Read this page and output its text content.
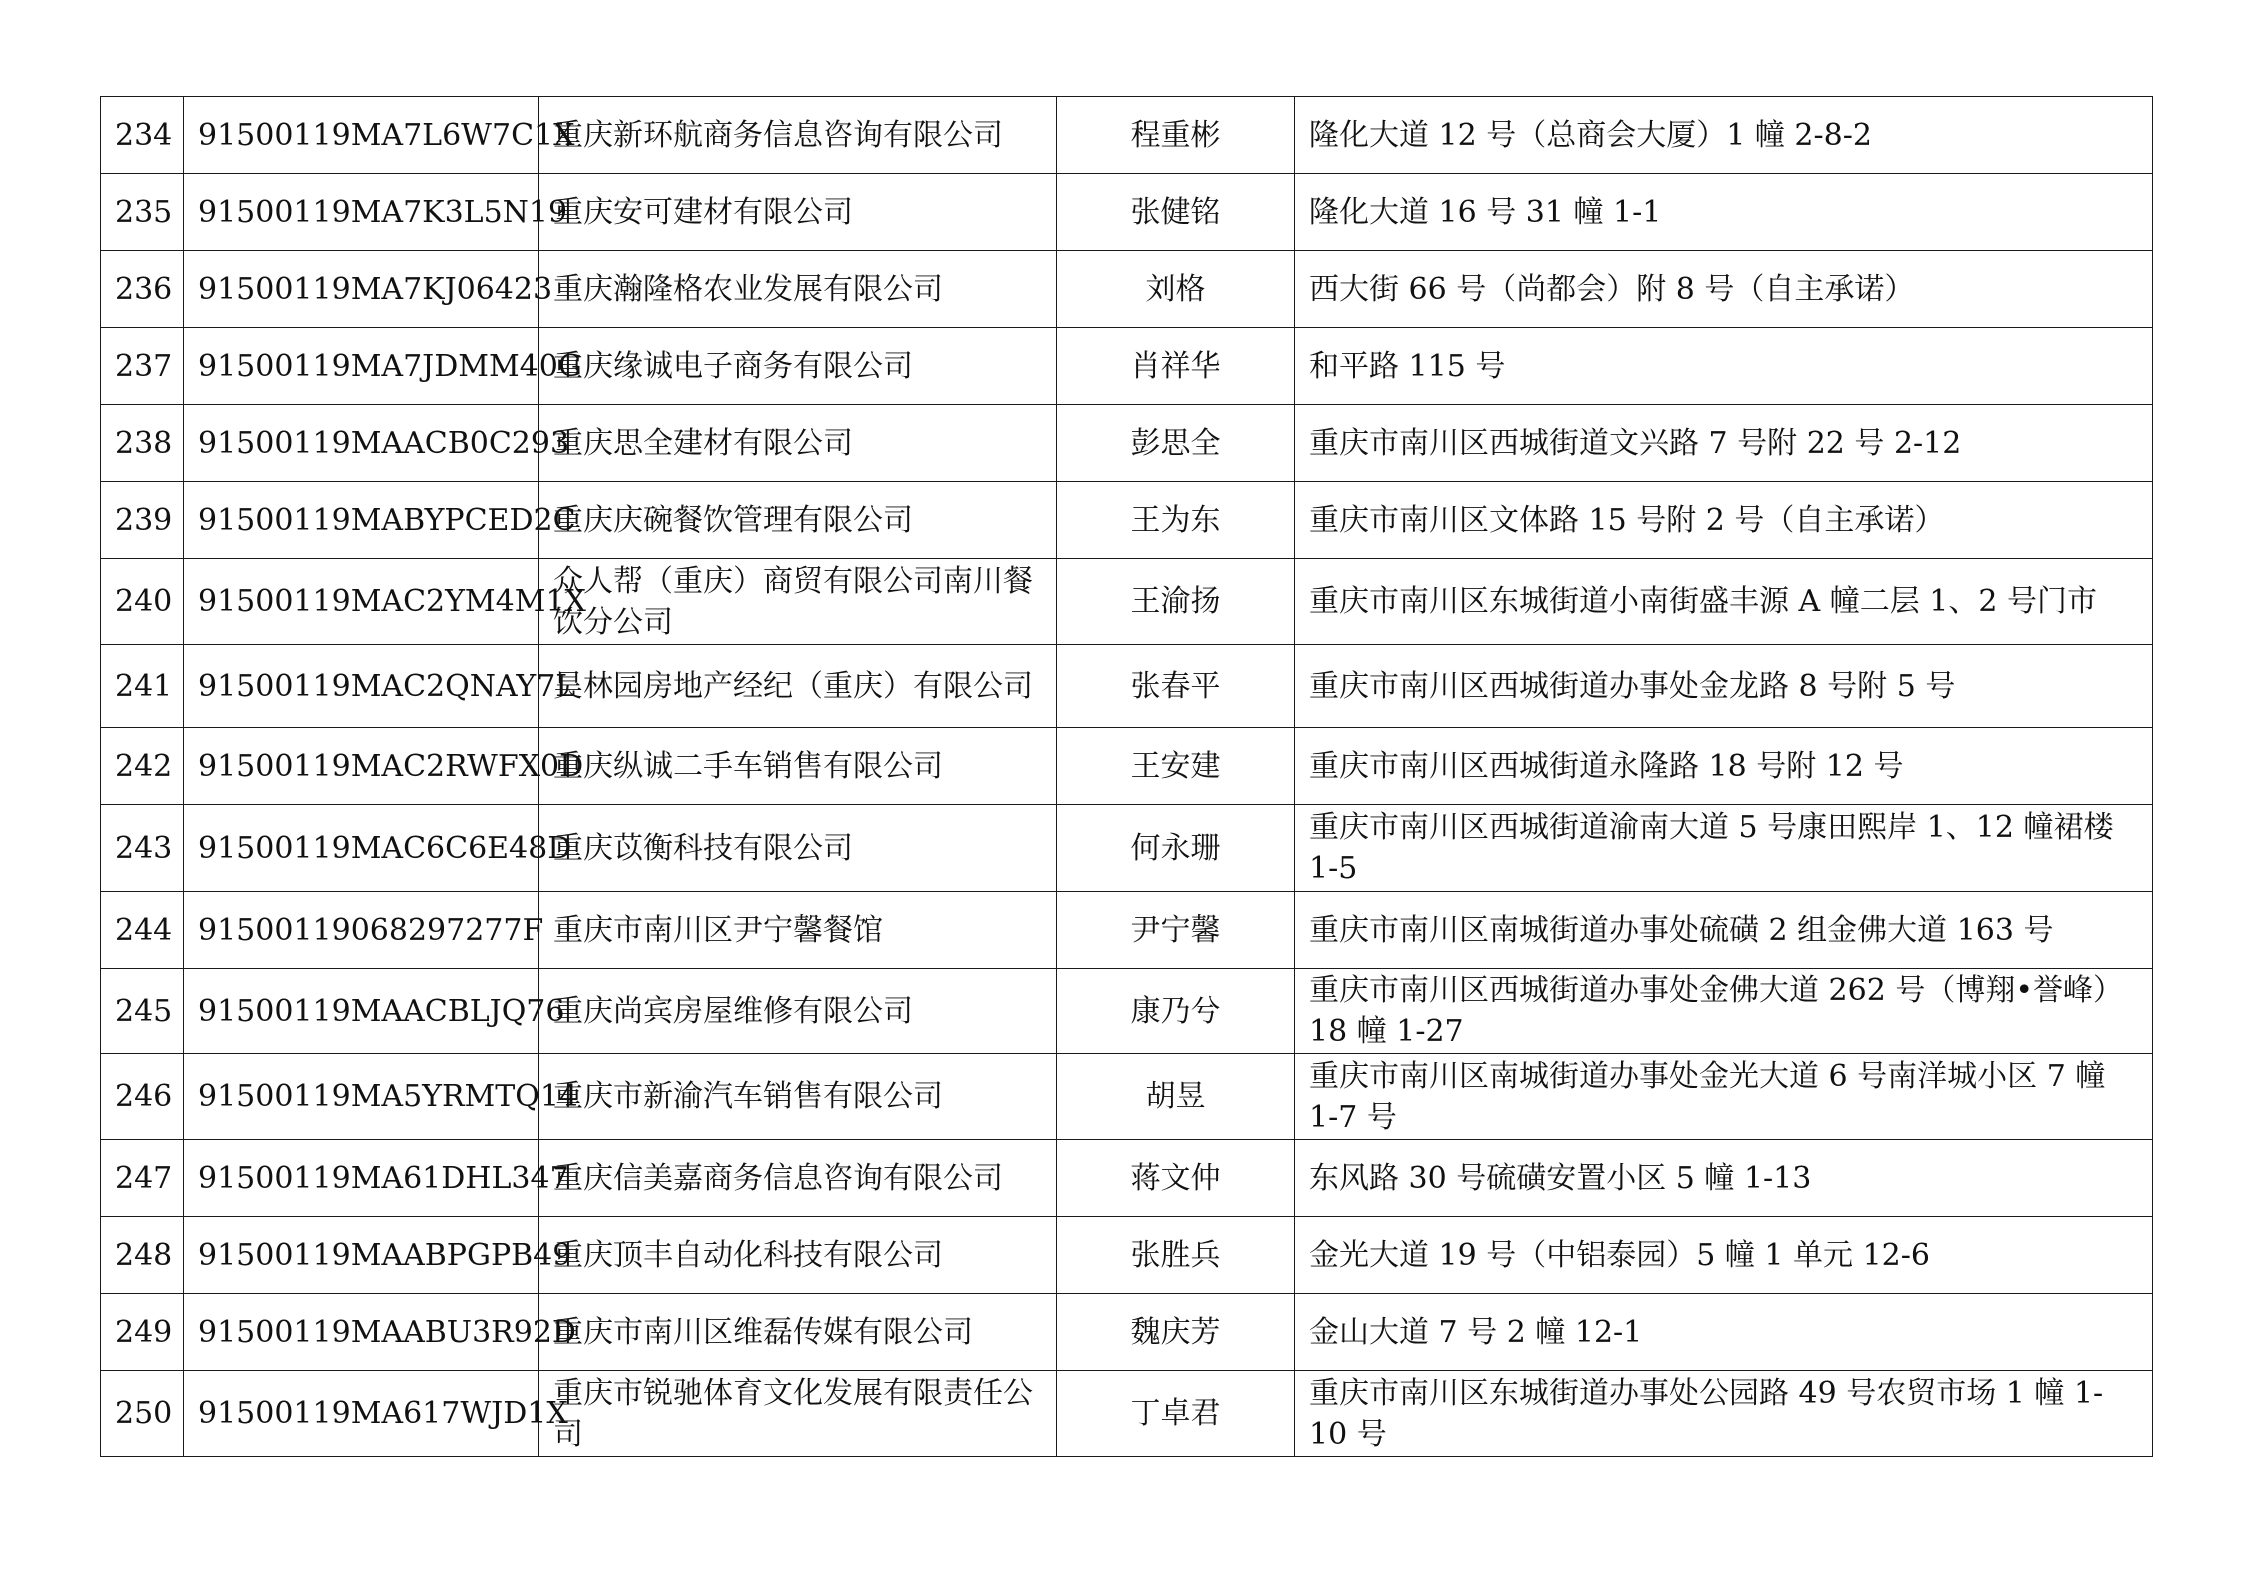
234	91500119MA7L6W7C1X	重庆新环航商务信息咨询有限公司	程重彬	隆化大道 12 号（总商会大厦）1 幢 2-8-2
235	91500119MA7K3L5N19	重庆安可建材有限公司	张健铭	隆化大道 16 号 31 幢 1-1
236	91500119MA7KJ06423	重庆瀚隆格农业发展有限公司	刘格	西大街 66 号（尚都会）附 8 号（自主承诺）
237	91500119MA7JDMM40G	重庆缘诚电子商务有限公司	肖祥华	和平路 115 号
238	91500119MAACB0C293	重庆思全建材有限公司	彭思全	重庆市南川区西城街道文兴路 7 号附 22 号 2-12
239	91500119MABYPCED2C	重庆庆碗餐饮管理有限公司	王为东	重庆市南川区文体路 15 号附 2 号（自主承诺）
240	91500119MAC2YM4M1X	众人帮（重庆）商贸有限公司南川餐饮分公司	王渝扬	重庆市南川区东城街道小南街盛丰源 A 幢二层 1、2 号门市
241	91500119MAC2QNAY7L	昊林园房地产经纪（重庆）有限公司	张春平	重庆市南川区西城街道办事处金龙路 8 号附 5 号
242	91500119MAC2RWFX0D	重庆纵诚二手车销售有限公司	王安建	重庆市南川区西城街道永隆路 18 号附 12 号
243	91500119MAC6C6E48D	重庆苡衡科技有限公司	何永珊	重庆市南川区西城街道渝南大道 5 号康田熙岸 1、12 幢裙楼 1-5
244	9150011906829727​7F	重庆市南川区尹宁馨餐馆	尹宁馨	重庆市南川区南城街道办事处硫磺 2 组金佛大道 163 号
245	91500119MAACBLJQ76	重庆尚宾房屋维修有限公司	康乃兮	重庆市南川区西城街道办事处金佛大道 262 号（博翔•誉峰）18 幢 1-27
246	91500119MA5YRMTQ14	重庆市新渝汽车销售有限公司	胡昱	重庆市南川区南城街道办事处金光大道 6 号南洋城小区 7 幢 1-7 号
247	91500119MA61DHL347	重庆信美嘉商务信息咨询有限公司	蒋文仲	东风路 30 号硫磺安置小区 5 幢 1-13
248	91500119MAABPGPB49	重庆顶丰自动化科技有限公司	张胜兵	金光大道 19 号（中铝泰园）5 幢 1 单元 12-6
249	91500119MAABU3R92D	重庆市南川区维磊传媒有限公司	魏庆芳	金山大道 7 号 2 幢 12-1
250	91500119MA617WJD1X	重庆市锐驰体育文化发展有限责任公司	丁卓君	重庆市南川区东城街道办事处公园路 49 号农贸市场 1 幢 1-10 号
